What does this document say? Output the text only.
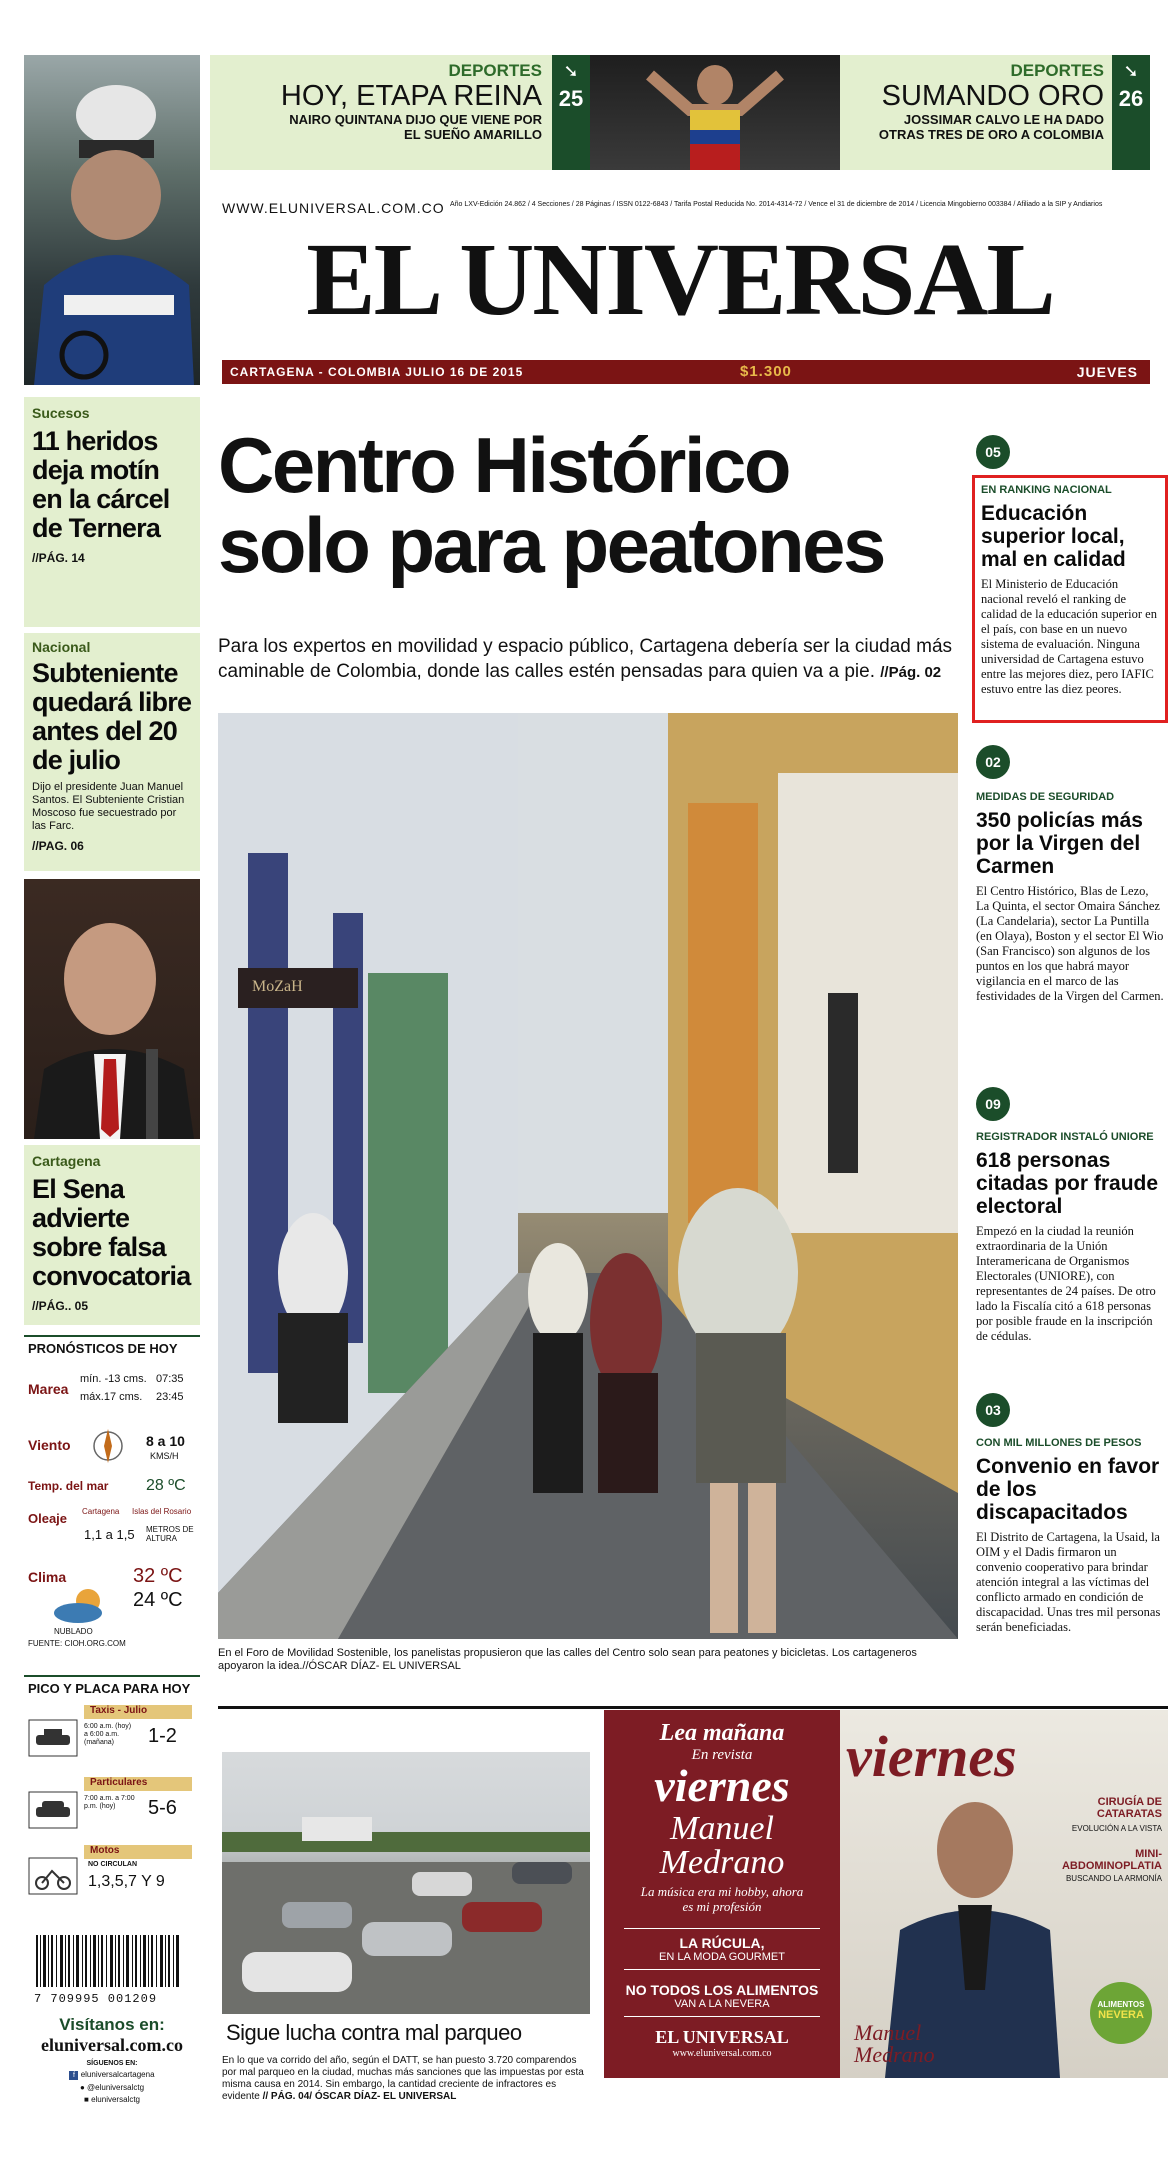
Sucesos
11 heridos deja motín en la cárcel de Ternera
//PÁG. 14
Nacional
Subteniente quedará libre antes del 20 de julio
Dijo el presidente Juan Manuel Santos. El Subteniente Cristian Moscoso fue secuestrado por las Farc.
//PAG. 06
Cartagena
El Sena advierte sobre falsa convocatoria
//PÁG.. 05
PRONÓSTICOS DE HOY
Marea
mín. -13 cms. 07:35
máx.17 cms. 23:45
Viento	8 a 10
KMS/H
Temp. del mar 28 ºC
Oleaje Cartagena Islas del Rosario
1,1 a 1,5 METROS DE ALTURA
Clima	32 ºC
24 ºC
NUBLADO
FUENTE: CIOH.ORG.COM
PICO Y PLACA PARA HOY
Taxis - Julio
6:00 a.m. (hoy) a 6:00 a.m. (mañana)	1-2
Particulares
7:00 a.m. a 7:00 p.m. (hoy)	5-6
Motos
NO CIRCULAN
1,3,5,7 Y 9
7 709995 001209
Visítanos en:
eluniversal.com.co
SÍGUENOS EN:
f eluniversalcartagena
● @eluniversalctg
■ eluniversalctg
DEPORTES
HOY, ETAPA REINA
NAIRO QUINTANA DIJO QUE VIENE POR EL SUEÑO AMARILLO
➘
25
DEPORTES
SUMANDO ORO
JOSSIMAR CALVO LE HA DADO OTRAS TRES DE ORO A COLOMBIA
➘
26
WWW.ELUNIVERSAL.COM.CO Año LXV-Edición 24.862 / 4 Secciones / 28 Páginas / ISSN 0122-6843 / Tarifa Postal Reducida No. 2014-4314-72 / Vence el 31 de diciembre de 2014 / Licencia Mingobierno 003384 / Afiliado a la SIP y Andiarios
EL UNIVERSAL
CARTAGENA - COLOMBIA JULIO 16 DE 2015	$1.300	JUEVES
Centro Histórico solo para peatones
Para los expertos en movilidad y espacio público, Cartagena debería ser la ciudad más caminable de Colombia, donde las calles estén pensadas para quien va a pie. //Pág. 02
MoZaH
En el Foro de Movilidad Sostenible, los panelistas propusieron que las calles del Centro solo sean para peatones y bicicletas. Los cartageneros apoyaron la idea.//ÓSCAR DÍAZ- EL UNIVERSAL
05
EN RANKING NACIONAL
Educación superior local, mal en calidad
El Ministerio de Educación nacional reveló el ranking de calidad de la educación superior en el país, con base en un nuevo sistema de evaluación. Ninguna universidad de Cartagena estuvo entre las mejores diez, pero IAFIC estuvo entre las diez peores.
02
MEDIDAS DE SEGURIDAD
350 policías más por la Virgen del Carmen
El Centro Histórico, Blas de Lezo, La Quinta, el sector Omaira Sánchez (La Candelaria), sector La Puntilla (en Olaya), Boston y el sector El Wio (San Francisco) son algunos de los puntos en los que habrá mayor vigilancia en el marco de las festividades de la Virgen del Carmen.
09
REGISTRADOR INSTALÓ UNIORE
618 personas citadas por fraude electoral
Empezó en la ciudad la reunión extraordinaria de la Unión Interamericana de Organismos Electorales (UNIORE), con representantes de 24 países. De otro lado la Fiscalía citó a 618 personas por posible fraude en la inscripción de cédulas.
03
CON MIL MILLONES DE PESOS
Convenio en favor de los discapacitados
El Distrito de Cartagena, la Usaid, la OIM y el Dadis firmaron un convenio cooperativo para brindar atención integral a las víctimas del conflicto armado en condición de discapacidad. Unas tres mil personas serán beneficiadas.
Sigue lucha contra mal parqueo
En lo que va corrido del año, según el DATT, se han puesto 3.720 comparendos por mal parqueo en la ciudad, muchas más sanciones que las impuestas por esta misma causa en 2014. Sin embargo, la cantidad creciente de infractores es evidente // PÁG. 04/ ÓSCAR DÍAZ- EL UNIVERSAL
Lea mañana
En revista
viernes
Manuel Medrano
La música era mi hobby, ahora es mi profesión
LA RÚCULA,
EN LA MODA GOURMET
NO TODOS LOS ALIMENTOS
VAN A LA NEVERA
EL UNIVERSAL
www.eluniversal.com.co
viernes
CIRUGÍA DE CATARATAS
EVOLUCIÓN A LA VISTA
MINI-ABDOMINOPLATIA
BUSCANDO LA ARMONÍA
ALIMENTOS
NEVERA
Manuel Medrano
